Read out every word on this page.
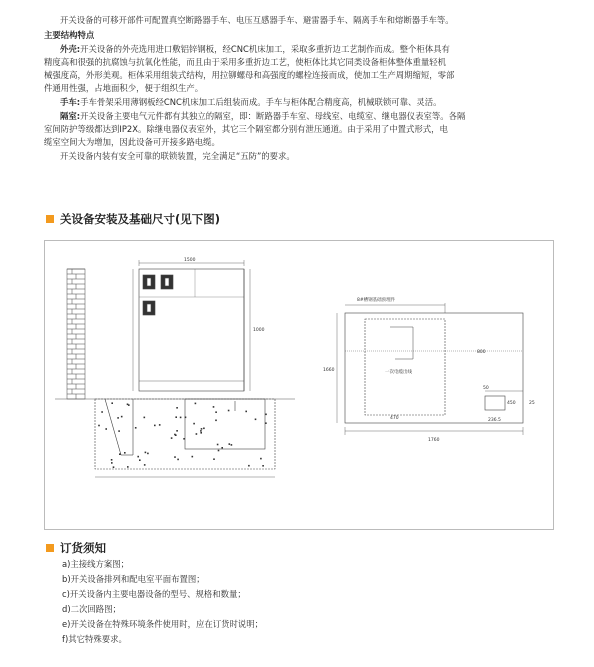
开关设备的可移开部件可配置真空断路器手车、电压互感器手车、避雷器手车、隔离手车和熔断器手车等。
主要结构特点
外壳:开关设备的外壳选用进口敷铝锌钢板，经CNC机床加工，采取多重折边工艺制作而成。整个柜体具有
精度高和很强的抗腐蚀与抗氧化性能，而且由于采用多重折边工艺，使柜体比其它同类设备柜体整体重量轻机
械强度高，外形美观。柜体采用组装式结构，用拉铆螺母和高强度的螺栓连接而成，使加工生产周期缩短，零部
件通用性强，占地面积少，便于组织生产。
手车:手车骨架采用薄钢板经CNC机床加工后组装而成。手车与柜体配合精度高，机械联锁可靠、灵活。
隔室:开关设备主要电气元件都有其独立的隔室，即：断路器手车室、母线室、电缆室、继电器仪表室等。各隔
室间防护等级都达到IP2X。除继电器仪表室外，其它三个隔室都分别有泄压通道。由于采用了中置式形式，电
缆室空间大为增加，因此设备可开接多路电缆。
开关设备内装有安全可靠的联锁装置，完全满足“五防”的要求。
关设备安装及基础尺寸(见下图)
1500
1000
8#槽钢基础预埋件
一次电缆出线
1760
1660
470
800
50
450	25
236.5
订货须知
a)主接线方案图；
b)开关设备排列和配电室平面布置图；
c)开关设备内主要电器设备的型号、规格和数量；
d)二次回路图；
e)开关设备在特殊环境条件使用时，应在订货时说明；
f)其它特殊要求。
